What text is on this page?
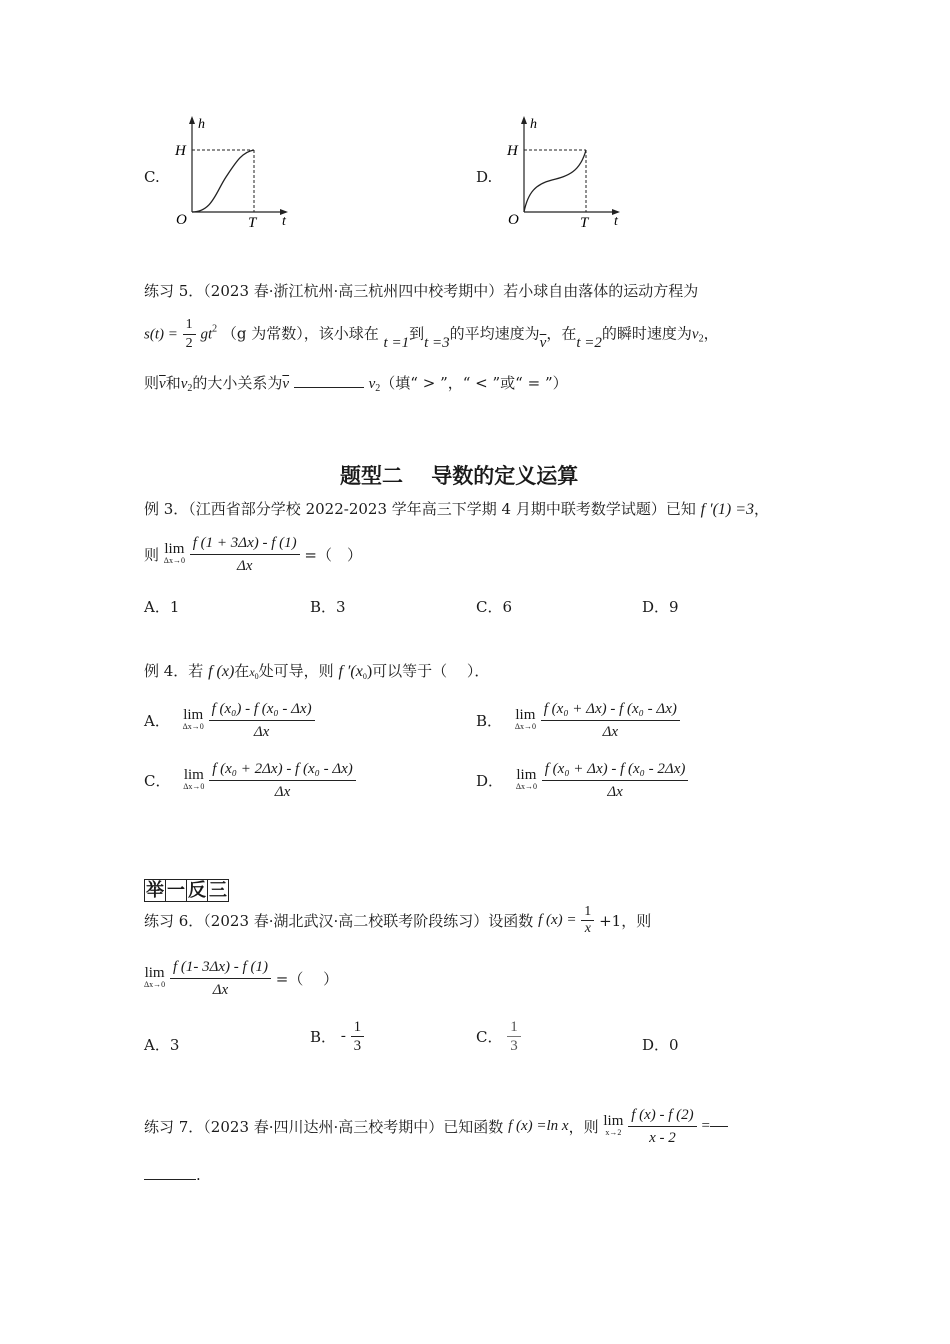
C.
h
t
H
T
O
D.
h
t
H
T
O
练习 5．（2023 春·浙江杭州·高三杭州四中校考期中）若小球自由落体的运动方程为
$s(t) = \frac{1}{2} gt^2$ （g 为常数），该小球在 t =1到t =3的平均速度为$\overline{v}$，在t =2的瞬时速度为$v_2$，
则$\overline{v}$和$v_2$的大小关系为$\overline{v}$	$v_2$（填“ > ”，“ < ”或“ = ”）
题型二　 导数的定义运算
例 3．（江西省部分学校 2022-2023 学年高三下学期 4 月期中联考数学试题）已知 f ′(1) =3，
则 lim
Δx→0
$\frac{f (1 + 3\Delta x) - f (1)}{\Delta x}$ =（　）
A．1	B．3	C．6	D．9
例 4．若 f (x)在$x_0$处可导，则 f $'(x_0)$可以等于（　 ）．
A． lim
Δx→0
$\frac{\text{f (x₀) - f (x₀ - Δx)}}{\Delta x}$	B． lim
Δx→0
$\frac{\text{f (x₀ + Δx) - f (x₀ - Δx)}}{\Delta x}$
C． lim
Δx→0
$\frac{\text{f (x₀ + 2Δx) - f (x₀ - Δx)}}{\Delta x}$	D． lim
Δx→0
$\frac{\text{f (x₀ + Δx) - f (x₀ - 2Δx)}}{\Delta x}$
举 一 反 三
练习 6．（2023 春·湖北武汉·高二校联考阶段练习）设函数 f $(x) = \frac{1}{x} +1$，则
lim
Δx→0
$\frac{f (1- 3\Delta x) - f (1)}{\Delta x}$ =（　 ）
A．3	B． - $\frac{1}{3}$	C． $\frac{1}{3}$	D．0
练习 7．（2023 春·四川达州·高三校考期中）已知函数 f (x) =ln x，则 lim
x→2
$\frac{f (x) - f (2)}{x - 2}$ =
.
